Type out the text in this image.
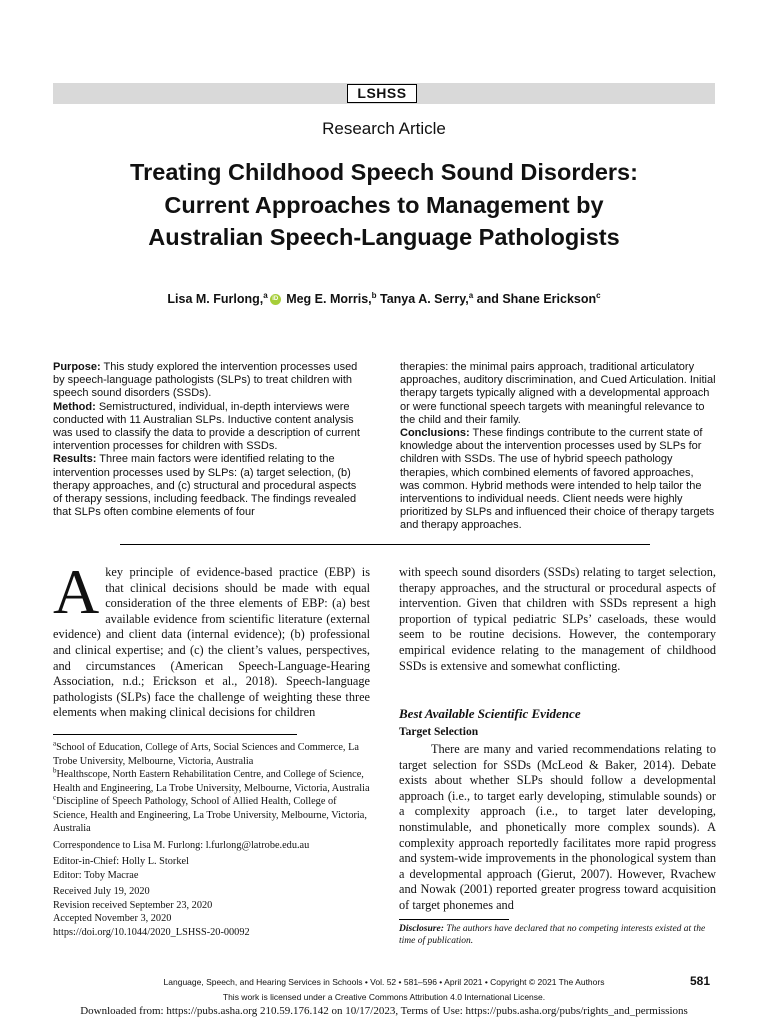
LSHSS
Research Article
Treating Childhood Speech Sound Disorders: Current Approaches to Management by Australian Speech-Language Pathologists
Lisa M. Furlong,$^a$ iD Meg E. Morris,$^b$ Tanya A. Serry,$^a$ and Shane Erickson$^c$
Purpose: This study explored the intervention processes used by speech-language pathologists (SLPs) to treat children with speech sound disorders (SSDs).
Method: Semistructured, individual, in-depth interviews were conducted with 11 Australian SLPs. Inductive content analysis was used to classify the data to provide a description of current intervention processes for children with SSDs.
Results: Three main factors were identified relating to the intervention processes used by SLPs: (a) target selection, (b) therapy approaches, and (c) structural and procedural aspects of therapy sessions, including feedback. The findings revealed that SLPs often combine elements of four
therapies: the minimal pairs approach, traditional articulatory approaches, auditory discrimination, and Cued Articulation. Initial therapy targets typically aligned with a developmental approach or were functional speech targets with meaningful relevance to the child and their family.
Conclusions: These findings contribute to the current state of knowledge about the intervention processes used by SLPs for children with SSDs. The use of hybrid speech pathology therapies, which combined elements of favored approaches, was common. Hybrid methods were intended to help tailor the interventions to individual needs. Client needs were highly prioritized by SLPs and influenced their choice of therapy targets and therapy approaches.
Akey principle of evidence-based practice (EBP) is that clinical decisions should be made with equal consideration of the three elements of EBP: (a) best available evidence from scientific literature (external evidence) and client data (internal evidence); (b) professional and clinical expertise; and (c) the client’s values, perspectives, and circumstances (American Speech-Language-Hearing Association, n.d.; Erickson et al., 2018). Speech-language pathologists (SLPs) face the challenge of weighting these three elements when making clinical decisions for children
with speech sound disorders (SSDs) relating to target selection, therapy approaches, and the structural or procedural aspects of intervention. Given that children with SSDs represent a high proportion of typical pediatric SLPs’ caseloads, these would seem to be routine decisions. However, the contemporary empirical evidence relating to the management of childhood SSDs is extensive and somewhat conflicting.
Best Available Scientific Evidence
Target Selection
There are many and varied recommendations relating to target selection for SSDs (McLeod & Baker, 2014). Debate exists about whether SLPs should follow a developmental approach (i.e., to target early developing, stimulable sounds) or a complexity approach (i.e., to target later developing, nonstimulable, and phonetically more complex sounds). A complexity approach reportedly facilitates more rapid progress and system-wide improvements in the phonological system than a developmental approach (Gierut, 2007). However, Rvachew and Nowak (2001) reported greater progress toward acquisition of target phonemes and

$^a$School of Education, College of Arts, Social Sciences and Commerce, La Trobe University, Melbourne, Victoria, Australia

$^b$Healthscope, North Eastern Rehabilitation Centre, and College of Science, Health and Engineering, La Trobe University, Melbourne, Victoria, Australia

$^c$Discipline of Speech Pathology, School of Allied Health, College of Science, Health and Engineering, La Trobe University, Melbourne, Victoria, Australia

Correspondence to Lisa M. Furlong: l.furlong@latrobe.edu.au

Editor-in-Chief: Holly L. Storkel

Editor: Toby Macrae

Received July 19, 2020

Revision received September 23, 2020

Accepted November 3, 2020

https://doi.org/10.1044/2020_LSHSS-20-00092	Disclosure: The authors have declared that no competing interests existed at the time of publication.
Language, Speech, and Hearing Services in Schools • Vol. 52 • 581–596 • April 2021 • Copyright © 2021 The Authors	581
This work is licensed under a Creative Commons Attribution 4.0 International License.
Downloaded from: https://pubs.asha.org 210.59.176.142 on 10/17/2023, Terms of Use: https://pubs.asha.org/pubs/rights_and_permissions
